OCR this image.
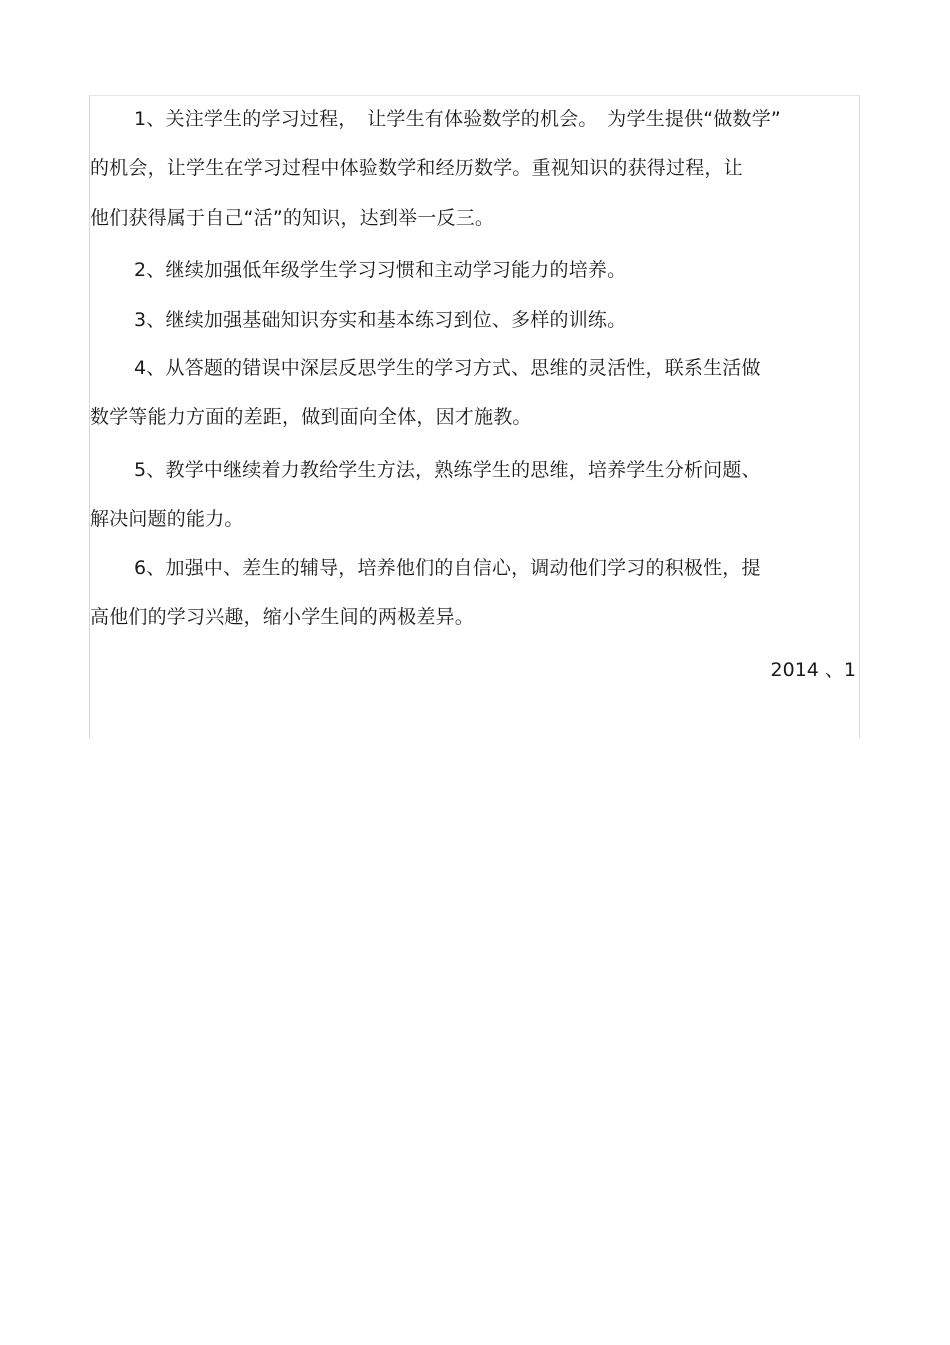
1、关注学生的学习过程，　让学生有体验数学的机会。　为学生提供“做数学”
的机会，让学生在学习过程中体验数学和经历数学。重视知识的获得过程，让
他们获得属于自己“活”的知识，达到举一反三。
2、继续加强低年级学生学习习惯和主动学习能力的培养。
3、继续加强基础知识夯实和基本练习到位、多样的训练。
4、从答题的错误中深层反思学生的学习方式、思维的灵活性，联系生活做
数学等能力方面的差距，做到面向全体，因才施教。
5、教学中继续着力教给学生方法，熟练学生的思维，培养学生分析问题、
解决问题的能力。
6、加强中、差生的辅导，培养他们的自信心，调动他们学习的积极性，提
高他们的学习兴趣，缩小学生间的两极差异。
2014 、1
